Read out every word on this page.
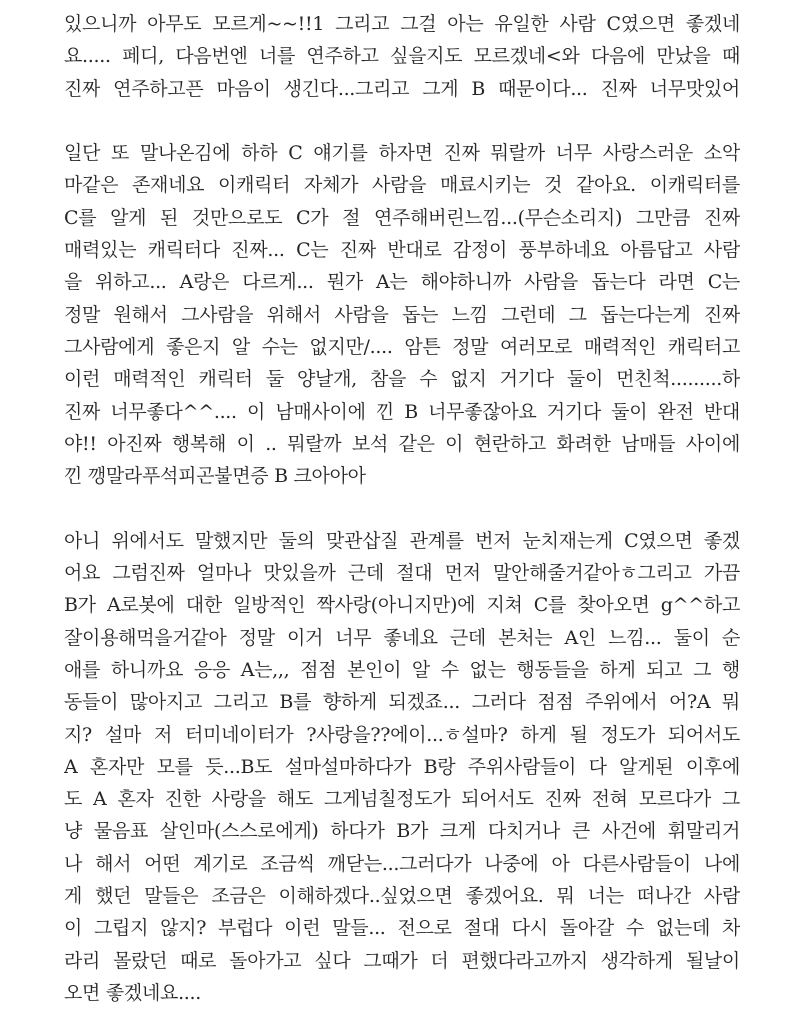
있으니까 아무도 모르게~~!!1 그리고 그걸 아는 유일한 사람 C였으면 좋겠네
요..... 페디, 다음번엔 너를 연주하고 싶을지도 모르겠네<와 다음에 만났을 때
진짜 연주하고픈 마음이 생긴다...그리고 그게 B 때문이다... 진짜 너무맛있어
일단 또 말나온김에 하하 C 얘기를 하자면 진짜 뭐랄까 너무 사랑스러운 소악
마같은 존재네요 이캐릭터 자체가 사람을 매료시키는 것 같아요. 이캐릭터를
C를 알게 된 것만으로도 C가 절 연주해버린느낌...(무슨소리지) 그만큼 진짜
매력있는 캐릭터다 진짜... C는 진짜 반대로 감정이 풍부하네요 아름답고 사람
을 위하고... A랑은 다르게... 뭔가 A는 해야하니까 사람을 돕는다 라면 C는
정말 원해서 그사람을 위해서 사람을 돕는 느낌 그런데 그 돕는다는게 진짜
그사람에게 좋은지 알 수는 없지만/.... 암튼 정말 여러모로 매력적인 캐릭터고
이런 매력적인 캐릭터 둘 양날개, 참을 수 없지 거기다 둘이 먼친척.........하
진짜 너무좋다^^.... 이 남매사이에 낀 B 너무좋잖아요 거기다 둘이 완전 반대
야!! 아진짜 행복해 이 .. 뭐랄까 보석 같은 이 현란하고 화려한 남매들 사이에
낀 깽말라푸석피곤불면증 B 크아아아
아니 위에서도 말했지만 둘의 맞관삽질 관계를 번저 눈치재는게 C였으면 좋겠
어요 그럼진짜 얼마나 맛있을까 근데 절대 먼저 말안해줄거같아ㅎ그리고 가끔
B가 A로봇에 대한 일방적인 짝사랑(아니지만)에 지쳐 C를 찾아오면 g^^하고
잘이용해먹을거같아 정말 이거 너무 좋네요 근데 본처는 A인 느낌... 둘이 순
애를 하니까요 응응 A는,,, 점점 본인이 알 수 없는 행동들을 하게 되고 그 행
동들이 많아지고 그리고 B를 향하게 되겠죠... 그러다 점점 주위에서 어?A 뭐
지? 설마 저 터미네이터가 ?사랑을??에이...ㅎ설마? 하게 될 정도가 되어서도
A 혼자만 모를 듯...B도 설마설마하다가 B랑 주위사람들이 다 알게된 이후에
도 A 혼자 진한 사랑을 해도 그게넘칠정도가 되어서도 진짜 전혀 모르다가 그
냥 물음표 살인마(스스로에게) 하다가 B가 크게 다치거나 큰 사건에 휘말리거
나 해서 어떤 계기로 조금씩 깨닫는...그러다가 나중에 아 다른사람들이 나에
게 했던 말들은 조금은 이해하겠다..싶었으면 좋겠어요. 뭐 너는 떠나간 사람
이 그립지 않지? 부럽다 이런 말들... 전으로 절대 다시 돌아갈 수 없는데 차
라리 몰랐던 때로 돌아가고 싶다 그때가 더 편했다라고까지 생각하게 될날이
오면 좋겠네요....
